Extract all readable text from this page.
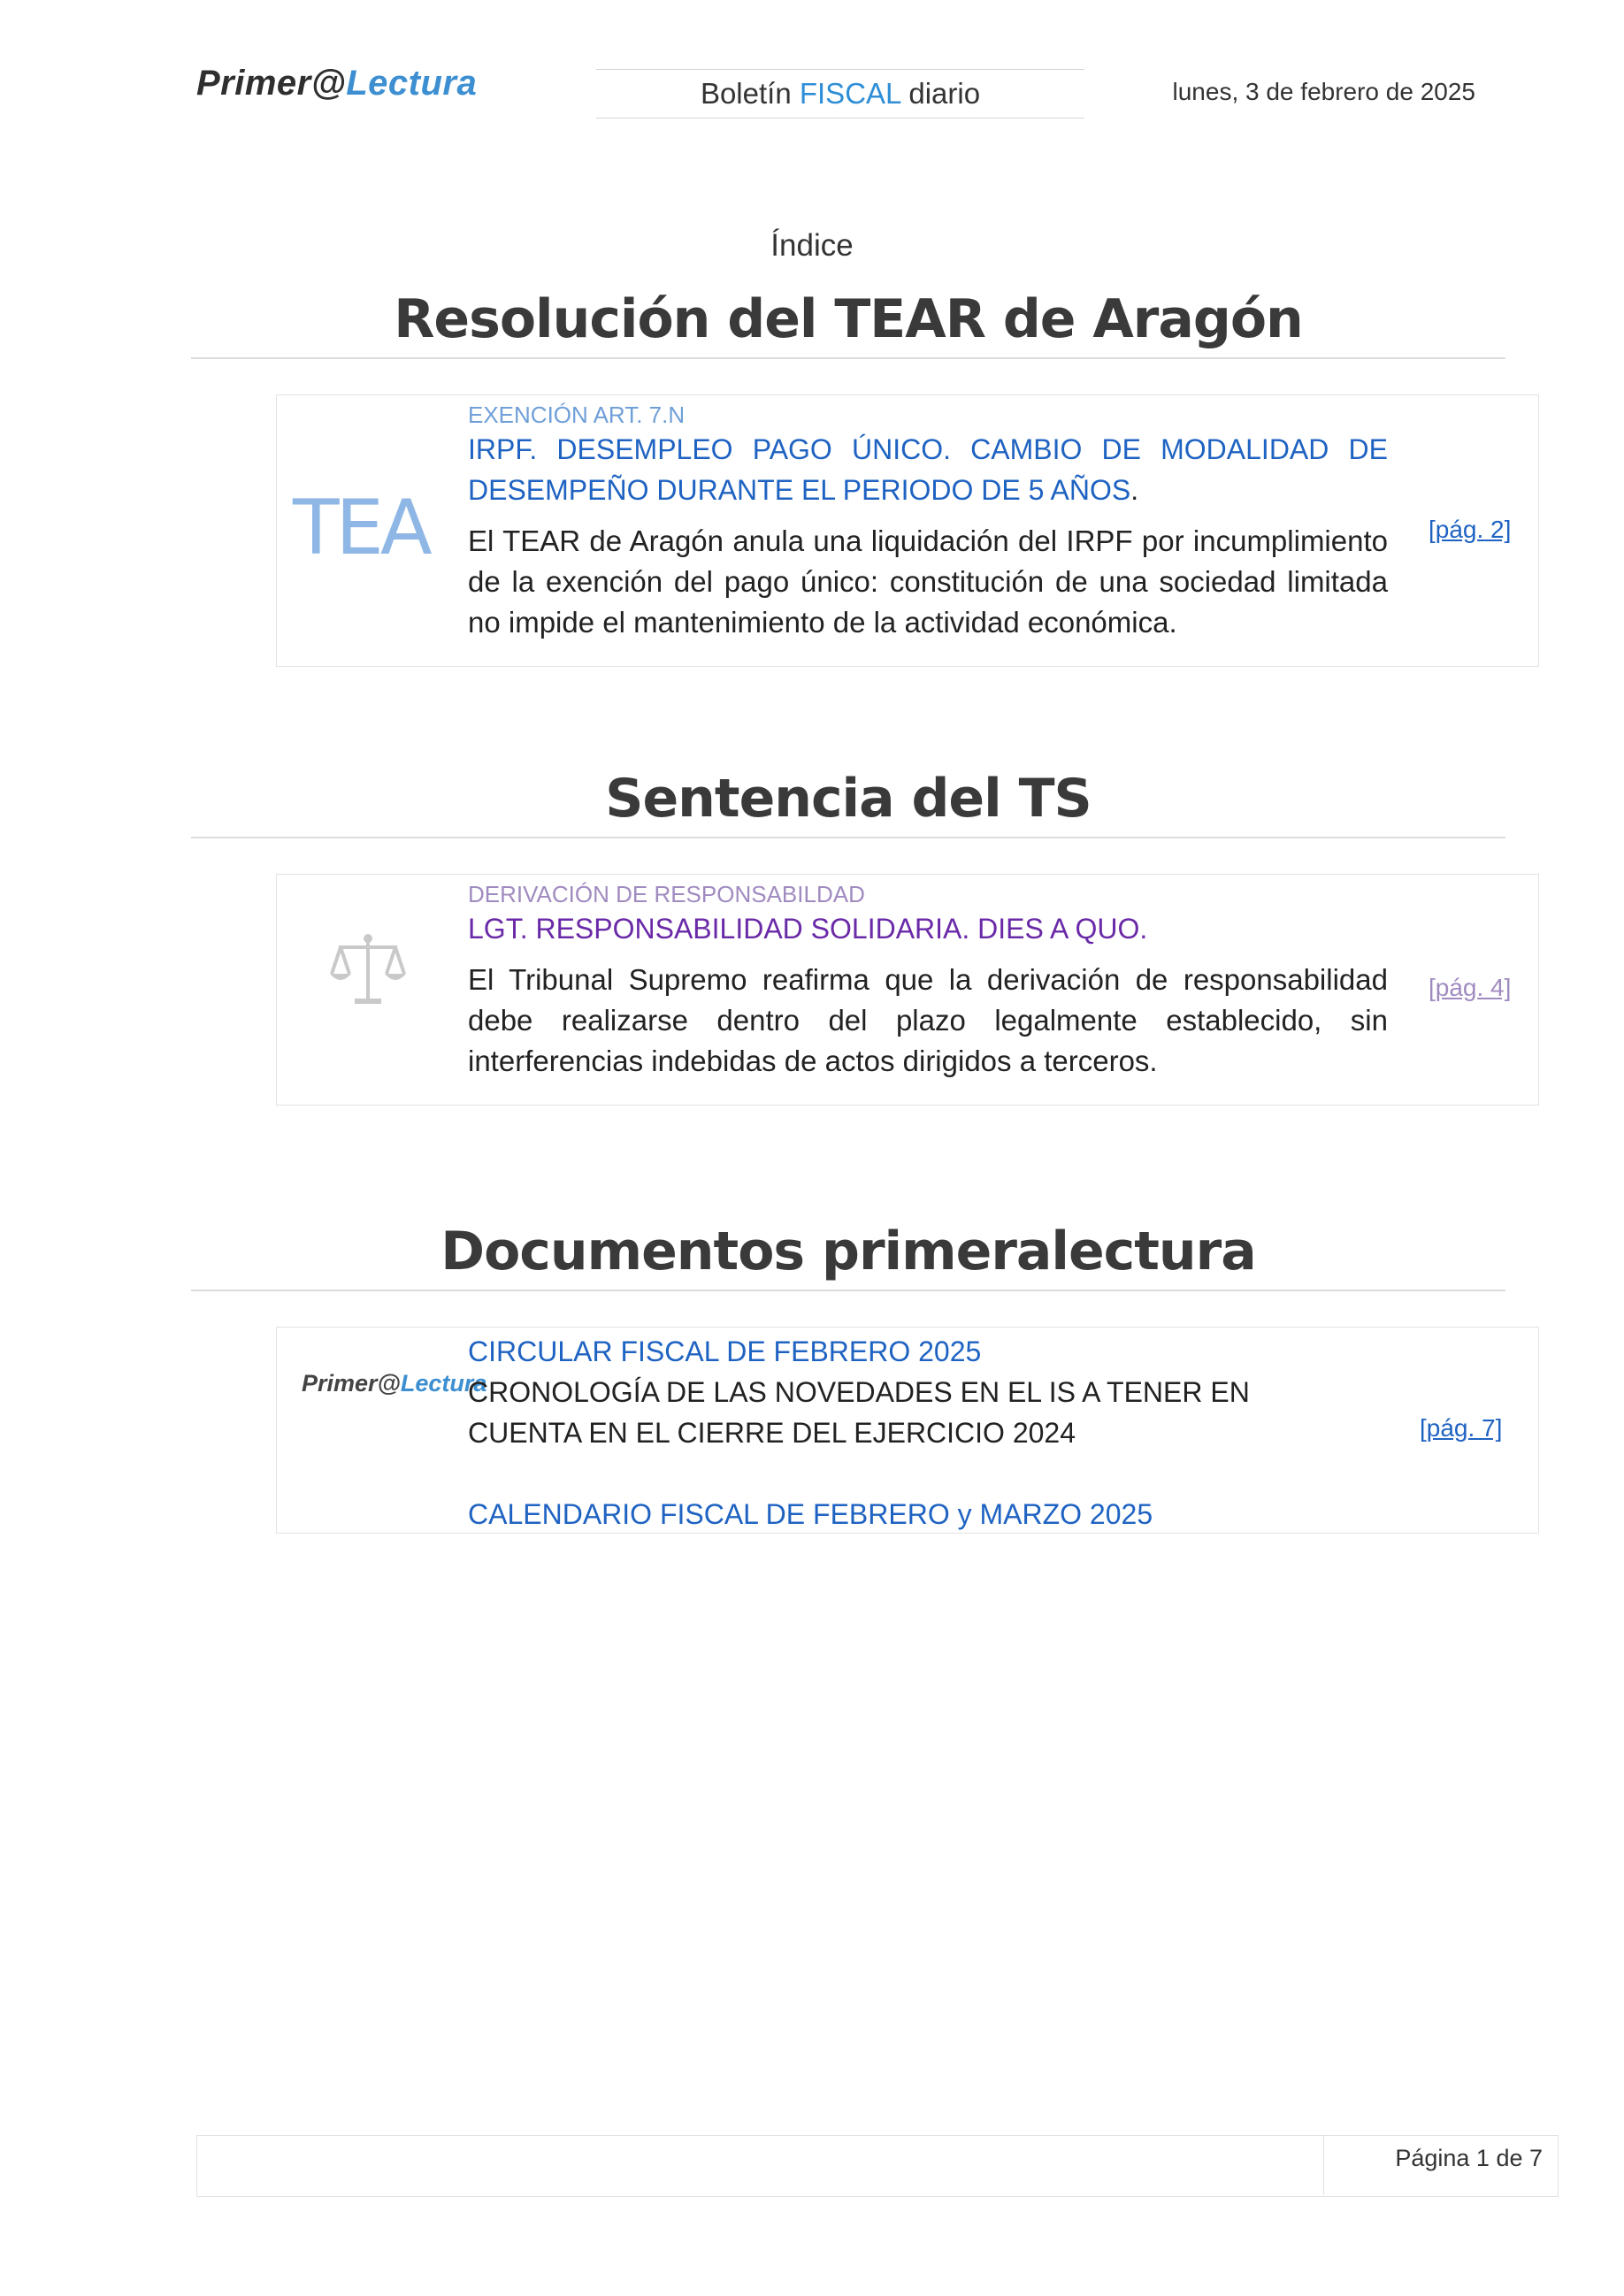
Primer@Lectura	Boletín FISCAL diario	lunes, 3 de febrero de 2025
Índice
Resolución del TEAR de Aragón
TEA
EXENCIÓN ART. 7.N
IRPF. DESEMPLEO PAGO ÚNICO. CAMBIO DE MODALIDAD DE DESEMPEÑO DURANTE EL PERIODO DE 5 AÑOS.
El TEAR de Aragón anula una liquidación del IRPF por incumplimiento de la exención del pago único: constitución de una sociedad limitada no impide el mantenimiento de la actividad económica.
[pág. 2]
Sentencia del TS
DERIVACIÓN DE RESPONSABILDAD
LGT. RESPONSABILIDAD SOLIDARIA. DIES A QUO.
El Tribunal Supremo reafirma que la derivación de responsabilidad debe realizarse dentro del plazo legalmente establecido, sin interferencias indebidas de actos dirigidos a terceros.
[pág. 4]
Documentos primeralectura
Primer@Lectura
CIRCULAR FISCAL DE FEBRERO 2025
CRONOLOGÍA DE LAS NOVEDADES EN EL IS A TENER EN CUENTA EN EL CIERRE DEL EJERCICIO 2024
CALENDARIO FISCAL DE FEBRERO y MARZO 2025
[pág. 7]
Página 1 de 7
